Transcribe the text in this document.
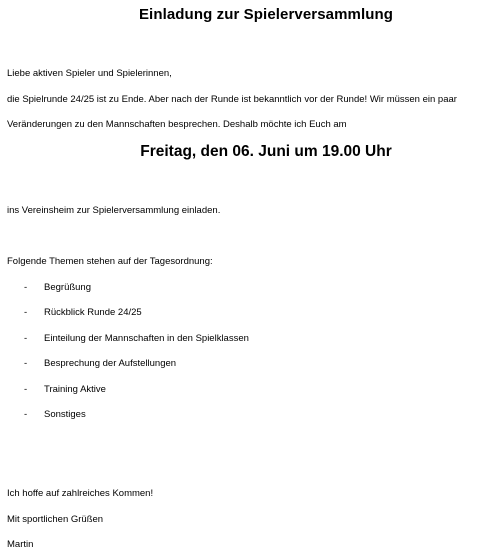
Einladung zur Spielerversammlung
Liebe aktiven Spieler und Spielerinnen,
die Spielrunde 24/25 ist zu Ende. Aber nach der Runde ist bekanntlich vor der Runde! Wir müssen ein paar
Veränderungen zu den Mannschaften besprechen. Deshalb möchte ich Euch am
Freitag, den 06. Juni um 19.00 Uhr
ins Vereinsheim zur Spielerversammlung einladen.
Folgende Themen stehen auf der Tagesordnung:
- Begrüßung
- Rückblick Runde 24/25
- Einteilung der Mannschaften in den Spielklassen
- Besprechung der Aufstellungen
- Training Aktive
- Sonstiges
Ich hoffe auf zahlreiches Kommen!
Mit sportlichen Grüßen
Martin
